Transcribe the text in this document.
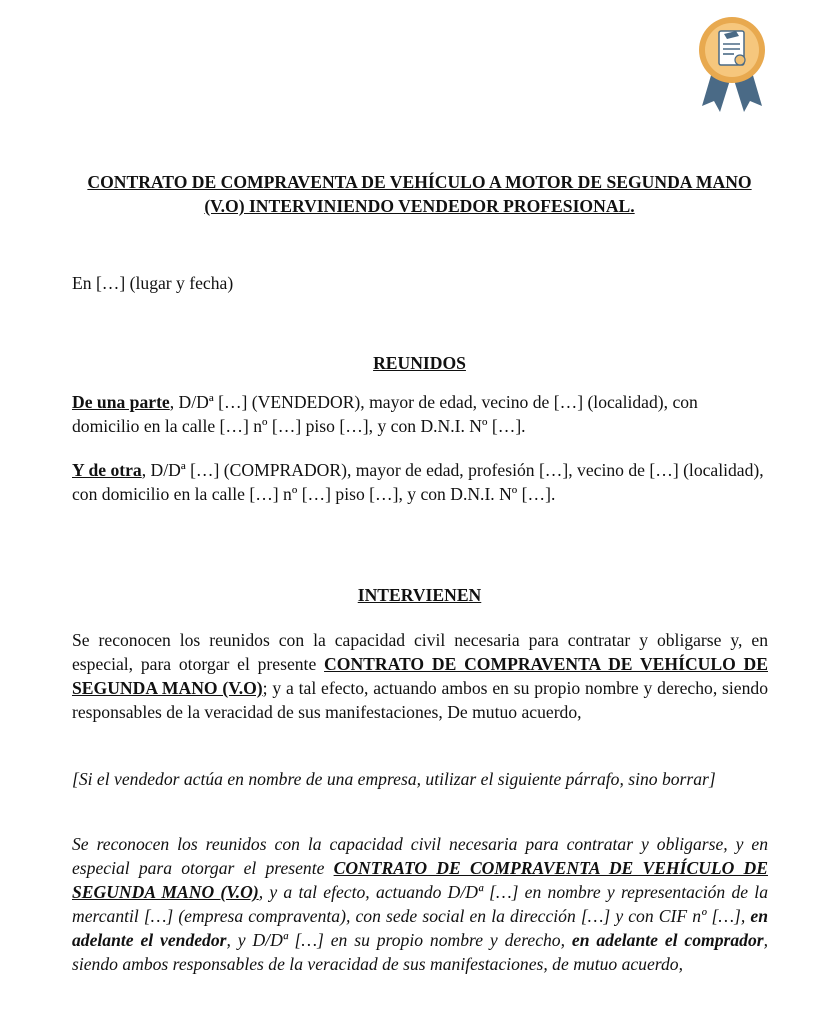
CONTRATO DE COMPRAVENTA DE VEHÍCULO A MOTOR DE SEGUNDA MANO
(V.O) INTERVINIENDO VENDEDOR PROFESIONAL.

En […] (lugar y fecha)

REUNIDOS

De una parte, D/Dª […] (VENDEDOR), mayor de edad, vecino de […] (localidad), con domicilio en la calle […] nº […] piso […], y con D.N.I. Nº […].

Y de otra, D/Dª […] (COMPRADOR), mayor de edad, profesión […], vecino de […] (localidad), con domicilio en la calle […] nº […] piso […], y con D.N.I. Nº […].

INTERVIENEN

Se reconocen los reunidos con la capacidad civil necesaria para contratar y obligarse y, en especial, para otorgar el presente CONTRATO DE COMPRAVENTA DE VEHÍCULO DE SEGUNDA MANO (V.O); y a tal efecto, actuando ambos en su propio nombre y derecho, siendo responsables de la veracidad de sus manifestaciones, De mutuo acuerdo,

[Si el vendedor actúa en nombre de una empresa, utilizar el siguiente párrafo, sino borrar]

Se reconocen los reunidos con la capacidad civil necesaria para contratar y obligarse, y en especial para otorgar el presente CONTRATO DE COMPRAVENTA DE VEHÍCULO DE SEGUNDA MANO (V.O), y a tal efecto, actuando D/Dª […] en nombre y representación de la mercantil […] (empresa compraventa), con sede social en la dirección […] y con CIF nº […], en adelante el vendedor, y D/Dª […] en su propio nombre y derecho, en adelante el comprador, siendo ambos responsables de la veracidad de sus manifestaciones, de mutuo acuerdo,
